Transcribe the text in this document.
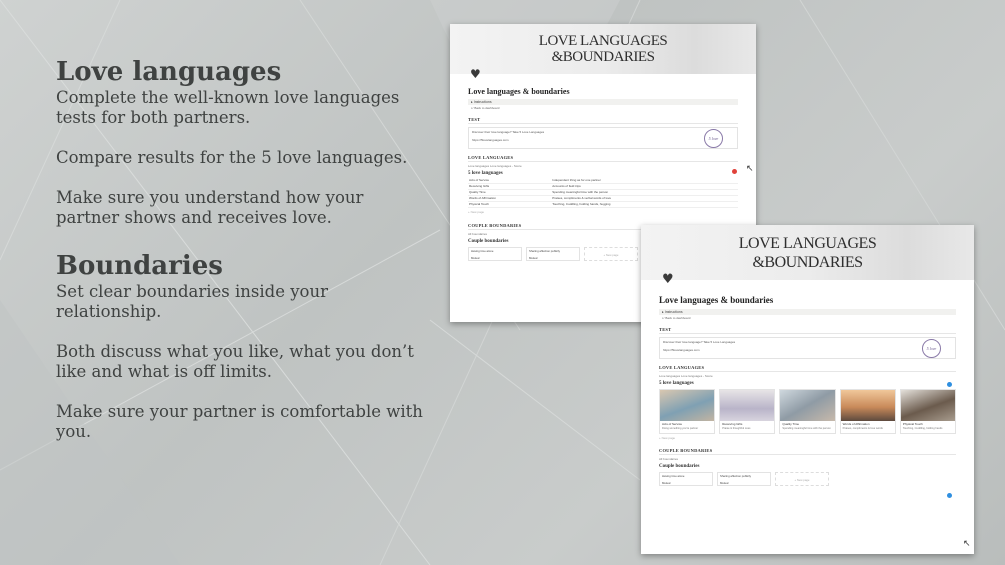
Love languages

Complete the well-known love languages tests for both partners.

Compare results for the 5 love languages.

Make sure you understand how your partner shows and receives love.

Boundaries

Set clear boundaries inside your relationship.

Both discuss what you like, what you don’t like and what is off limits.

Make sure your partner is comfortable with you.

LOVE LANGUAGES
&BOUNDARIES
♥
Love languages & boundaries
▸ Instructions
↩ Back to dashboard
TEST
Discover their love language? Take 5 Love Languages
https://5lovelanguages.com	5 love
LOVE LANGUAGES
Love languages Love languages - Score
5 love languages
Acts of Service	Independent thing as for one partner		
Receiving Gifts	Accounts of field trips		
Quality Time	Spending meaningful time with the person		
Words of Affirmation	Praises, compliments & verbal words of love		
Physical Touch	Touching, Cuddling, holding hands, hugging		
+ New page
COUPLE BOUNDARIES
All boundaries
Couple boundaries
Having time alone
Mutual
Sharing affection publicly
Mutual
+ New page
↖
LOVE LANGUAGES
&BOUNDARIES
♥
Love languages & boundaries
▸ Instructions
↩ Back to dashboard
TEST
Discover their love language? Take 5 Love Languages
https://5lovelanguages.com	5 love
LOVE LANGUAGES
Love languages Love languages - Score
5 love languages
Acts of Service
Doing something you're partner
Receiving Gifts
Praise & thoughtful ones
Quality Time
Spending meaningful time with the person
Words of Affirmation
Praises, compliments & love words
Physical Touch
Touching, Cuddling, holding hands
+ New page
COUPLE BOUNDARIES
All boundaries
Couple boundaries
Having time alone
Mutual
Sharing affection publicly
Mutual
+ New page
↖
